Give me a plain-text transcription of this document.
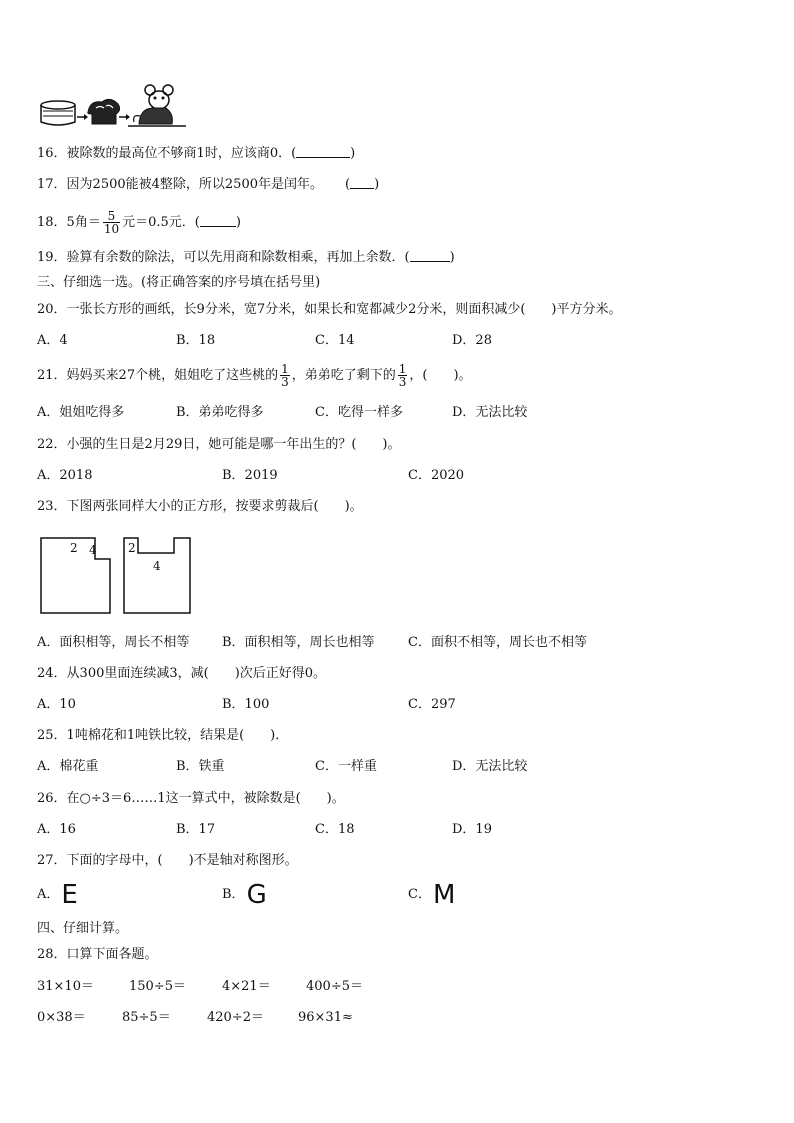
16．被除数的最高位不够商1时，应该商0．(	)
17．因为2500能被4整除，所以2500年是闰年。 ( )
18．5角＝ $\frac{5}{10}$ 元＝0.5元．(	)
19．验算有余数的除法，可以先用商和除数相乘，再加上余数．(	)
三、仔细选一选。(将正确答案的序号填在括号里)
20．一张长方形的画纸，长9分米，宽7分米，如果长和宽都减少2分米，则面积减少(　　)平方分米。
A．4	B．18	C．14	D．28
21．妈妈买来27个桃，姐姐吃了这些桃的 $\frac{1}{3}$ ，弟弟吃了剩下的 $\frac{1}{3}$ ，(　　)。
A．姐姐吃得多	B．弟弟吃得多	C．吃得一样多	D．无法比较
22．小强的生日是2月29日，她可能是哪一年出生的？(　　)。
A．2018	B．2019	C．2020
23．下图两张同样大小的正方形，按要求剪裁后(　　)。
2 4	2
4
A．面积相等，周长不相等	B．面积相等，周长也相等	C．面积不相等，周长也不相等
24．从300里面连续减3，减(　　)次后正好得0。
A．10	B．100	C．297
25．1吨棉花和1吨铁比较，结果是(　　)．
A．棉花重	B．铁重	C．一样重	D．无法比较
26．在○÷3＝6……1这一算式中，被除数是(　　)。
A．16	B．17	C．18	D．19
27．下面的字母中，(　　)不是轴对称图形。
A．E	B．G	C．M
四、仔细计算。
28．口算下面各题。
31×10＝	150÷5＝	4×21＝	400÷5＝
0×38＝	85÷5＝	420÷2＝	96×31≈
